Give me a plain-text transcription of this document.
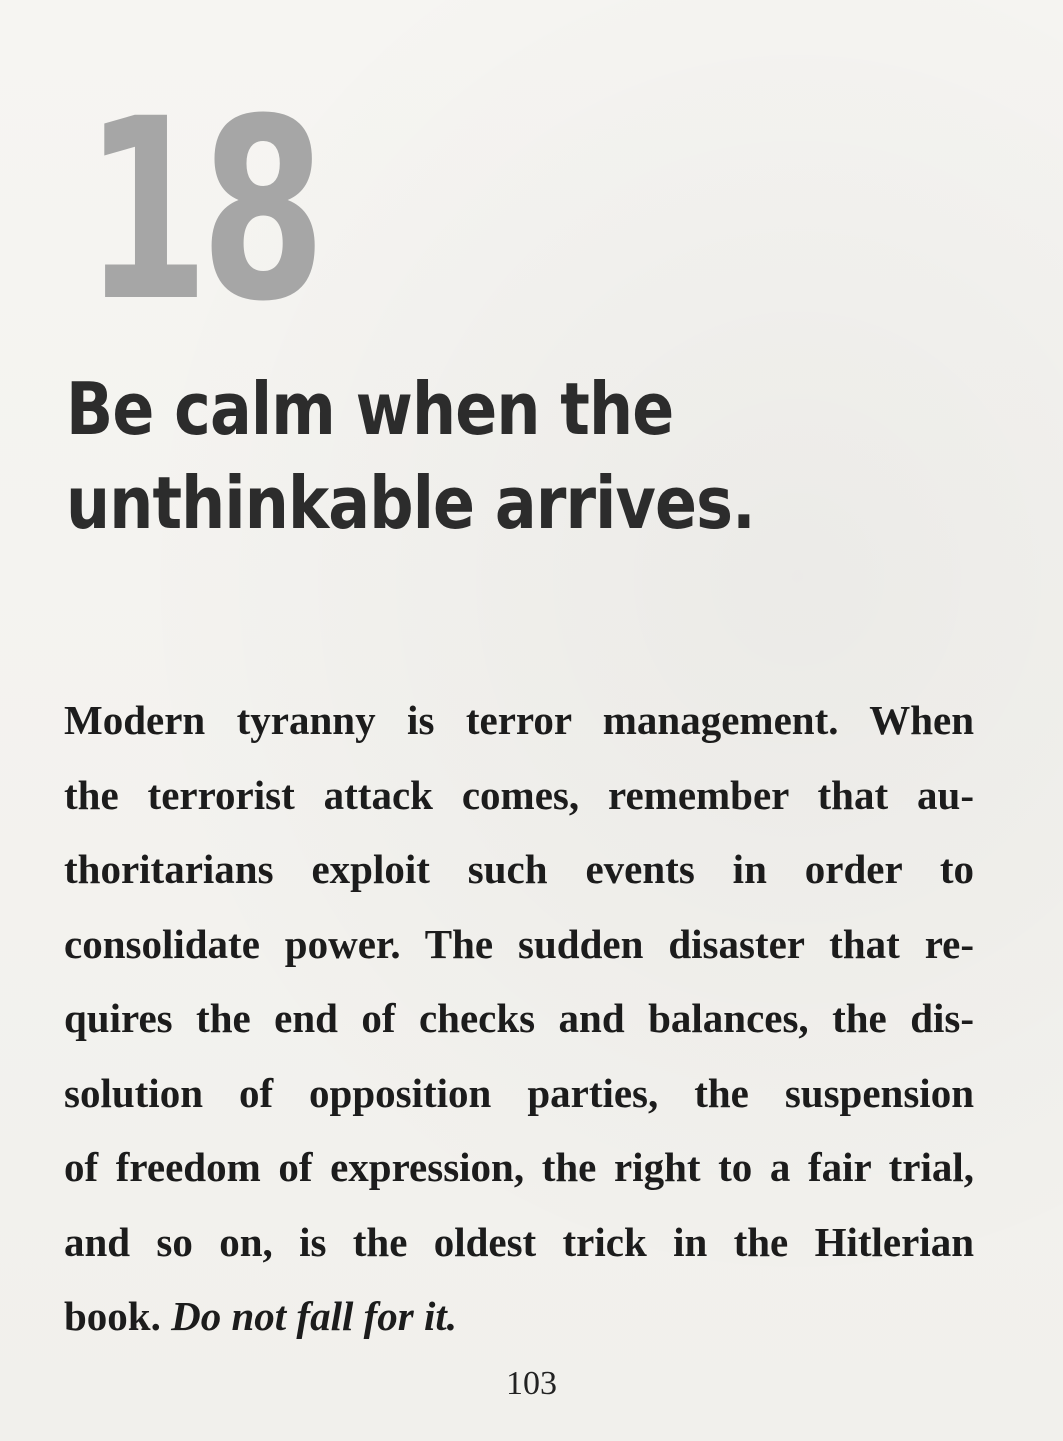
18
Be calm when the
unthinkable arrives.
Modern tyranny is terror management. When
the terrorist attack comes, remember that au-
thoritarians exploit such events in order to
consolidate power. The sudden disaster that re-
quires the end of checks and balances, the dis-
solution of opposition parties, the suspension
of freedom of expression, the right to a fair trial,
and so on, is the oldest trick in the Hitlerian
book. Do not fall for it.

103
